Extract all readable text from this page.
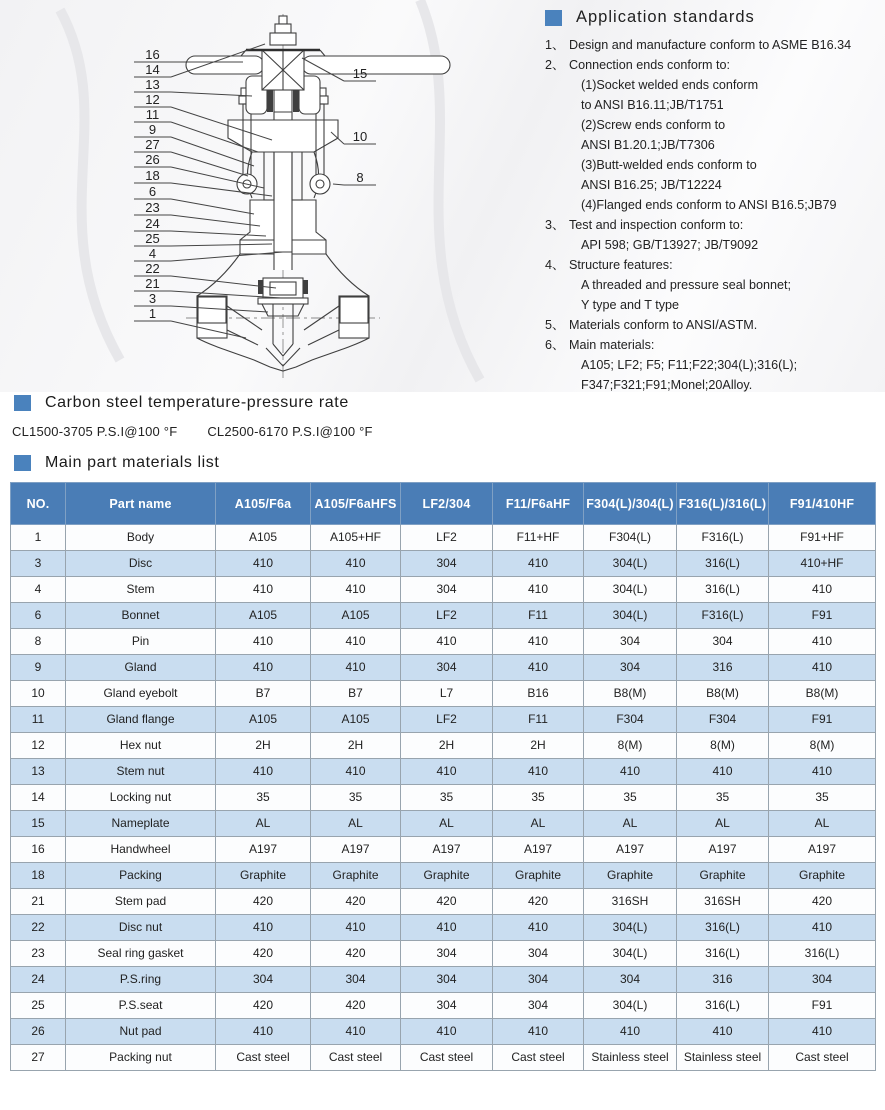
16
14
13
12
11
9
27
26
18
6
23
24
25
4
22
21
3
1
15
10
8
Application standards
1、 Design and manufacture conform to ASME B16.34
2、 Connection ends conform to:
(1)Socket welded ends conform
to ANSI B16.11;JB/T1751
(2)Screw ends conform to
ANSI B1.20.1;JB/T7306
(3)Butt-welded ends conform to
ANSI B16.25; JB/T12224
(4)Flanged ends conform to ANSI B16.5;JB79
3、 Test and inspection conform to:
API 598; GB/T13927; JB/T9092
4、 Structure features:
A threaded and pressure seal bonnet;
Y type and T type
5、 Materials conform to ANSI/ASTM.
6、 Main materials:
A105; LF2; F5; F11;F22;304(L);316(L);
F347;F321;F91;Monel;20Alloy.
Carbon steel temperature-pressure rate
CL1500-3705 P.S.I@100 °F CL2500-6170 P.S.I@100 °F
Main part materials list
NO.	Part name	A105/F6a	A105/F6aHFS	LF2/304	F11/F6aHF	F304(L)/304(L)	F316(L)/316(L)	F91/410HF
1	Body	A105	A105+HF	LF2	F11+HF	F304(L)	F316(L)	F91+HF
3	Disc	410	410	304	410	304(L)	316(L)	410+HF
4	Stem	410	410	304	410	304(L)	316(L)	410
6	Bonnet	A105	A105	LF2	F11	304(L)	F316(L)	F91
8	Pin	410	410	410	410	304	304	410
9	Gland	410	410	304	410	304	316	410
10	Gland eyebolt	B7	B7	L7	B16	B8(M)	B8(M)	B8(M)
11	Gland flange	A105	A105	LF2	F11	F304	F304	F91
12	Hex nut	2H	2H	2H	2H	8(M)	8(M)	8(M)
13	Stem nut	410	410	410	410	410	410	410
14	Locking nut	35	35	35	35	35	35	35
15	Nameplate	AL	AL	AL	AL	AL	AL	AL
16	Handwheel	A197	A197	A197	A197	A197	A197	A197
18	Packing	Graphite	Graphite	Graphite	Graphite	Graphite	Graphite	Graphite
21	Stem pad	420	420	420	420	316SH	316SH	420
22	Disc nut	410	410	410	410	304(L)	316(L)	410
23	Seal ring gasket	420	420	304	304	304(L)	316(L)	316(L)
24	P.S.ring	304	304	304	304	304	316	304
25	P.S.seat	420	420	304	304	304(L)	316(L)	F91
26	Nut pad	410	410	410	410	410	410	410
27	Packing nut	Cast steel	Cast steel	Cast steel	Cast steel	Stainless steel	Stainless steel	Cast steel
